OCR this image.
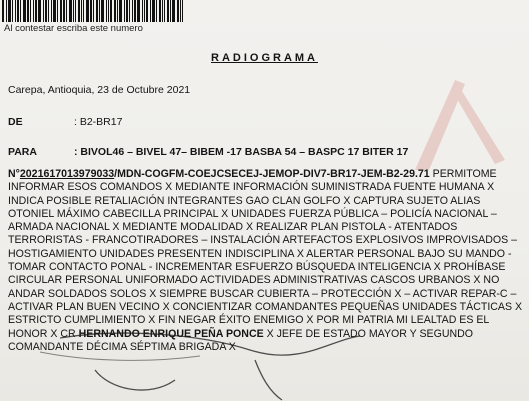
Al contestar escriba este numero
RADIOGRAMA
Carepa, Antioquia, 23 de Octubre 2021
DE	: B2-BR17
PARA	: BIVOL46 – BIVEL 47– BIBEM -17 BASBA 54 – BASPC 17 BITER 17
N°2021617013979033/MDN-COGFM-COEJCSECEJ-JEMOP-DIV7-BR17-JEM-B2-29.71 PERMITOME INFORMAR ESOS COMANDOS X MEDIANTE INFORMACIÓN SUMINISTRADA FUENTE HUMANA X INDICA POSIBLE RETALIACIÓN INTEGRANTES GAO CLAN GOLFO X CAPTURA SUJETO ALIAS OTONIEL MÁXIMO CABECILLA PRINCIPAL X UNIDADES FUERZA PÚBLICA – POLICÍA NACIONAL – ARMADA NACIONAL X MEDIANTE MODALIDAD X REALIZAR PLAN PISTOLA - ATENTADOS TERRORISTAS - FRANCOTIRADORES – INSTALACIÓN ARTEFACTOS EXPLOSIVOS IMPROVISADOS – HOSTIGAMIENTO UNIDADES PRESENTEN INDISCIPLINA X ALERTAR PERSONAL BAJO SU MANDO - TOMAR CONTACTO PONAL - INCREMENTAR ESFUERZO BÚSQUEDA INTELIGENCIA X PROHÍBASE CIRCULAR PERSONAL UNIFORMADO ACTIVIDADES ADMINISTRATIVAS CASCOS URBANOS X NO ANDAR SOLDADOS SOLOS X SIEMPRE BUSCAR CUBIERTA – PROTECCIÓN X – ACTIVAR REPAR-C – ACTIVAR PLAN BUEN VECINO X CONCIENTIZAR COMANDANTES PEQUEÑAS UNIDADES TÁCTICAS X ESTRICTO CUMPLIMIENTO X FIN NEGAR ÉXITO ENEMIGO X POR MI PATRIA MI LEALTAD ES EL HONOR X CR HERNANDO ENRIQUE PEÑA PONCE X JEFE DE ESTADO MAYOR Y SEGUNDO COMANDANTE DÉCIMA SÉPTIMA BRIGADA X
